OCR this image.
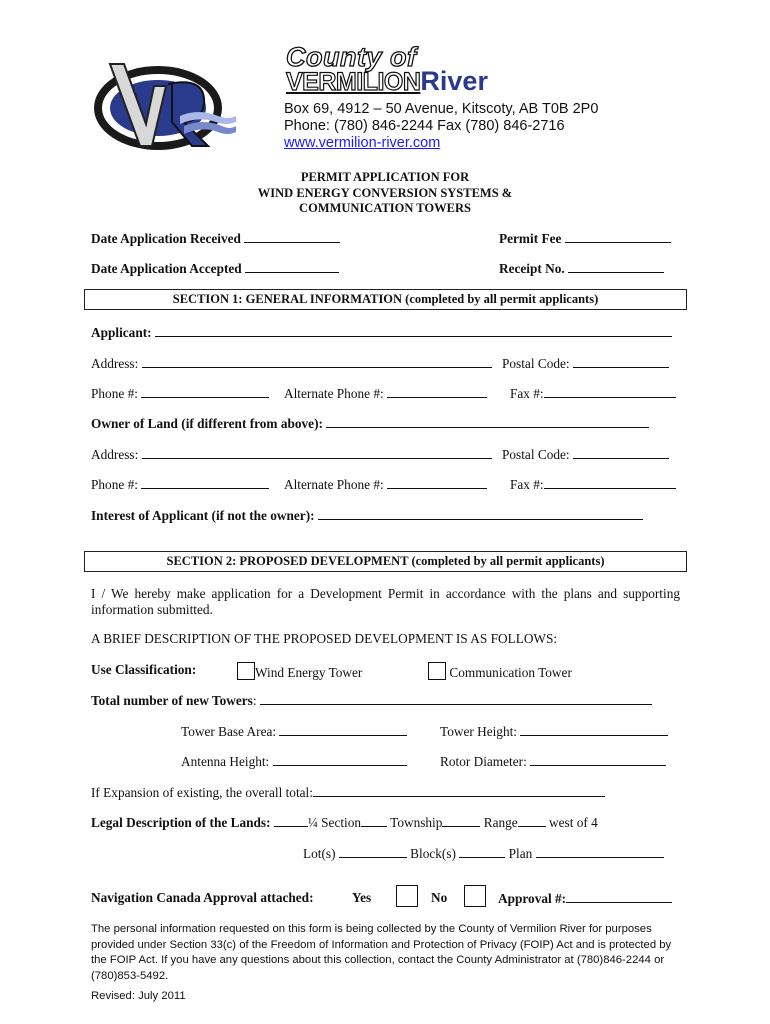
County of
VERMILIONRiver
Box 69, 4912 – 50 Avenue, Kitscoty, AB T0B 2P0
Phone: (780) 846-2244 Fax (780) 846-2716
www.vermilion-river.com
PERMIT APPLICATION FOR
WIND ENERGY CONVERSION SYSTEMS &
COMMUNICATION TOWERS
Date Application Received	Permit Fee
Date Application Accepted	Receipt No.
SECTION 1: GENERAL INFORMATION (completed by all permit applicants)
Applicant:
Address:	Postal Code:
Phone #:	Alternate Phone #:	Fax #:
Owner of Land (if different from above):
Address:	Postal Code:
Phone #:	Alternate Phone #:	Fax #:
Interest of Applicant (if not the owner):
SECTION 2: PROPOSED DEVELOPMENT (completed by all permit applicants)
I / We hereby make application for a Development Permit in accordance with the plans and supporting information submitted.
A BRIEF DESCRIPTION OF THE PROPOSED DEVELOPMENT IS AS FOLLOWS:
Use Classification:	Wind Energy Tower	Communication Tower
Total number of new Towers:
Tower Base Area:	Tower Height:
Antenna Height:	Rotor Diameter:
If Expansion of existing, the overall total:
Legal Description of the Lands:	¼ Section Township	Range west of 4
Lot(s)	Block(s)	Plan
Navigation Canada Approval attached:	Yes	No	Approval #:
The personal information requested on this form is being collected by the County of Vermilion River for purposes provided under Section 33(c) of the Freedom of Information and Protection of Privacy (FOIP) Act and is protected by the FOIP Act. If you have any questions about this collection, contact the County Administrator at (780)846-2244 or (780)853-5492.
Revised: July 2011
